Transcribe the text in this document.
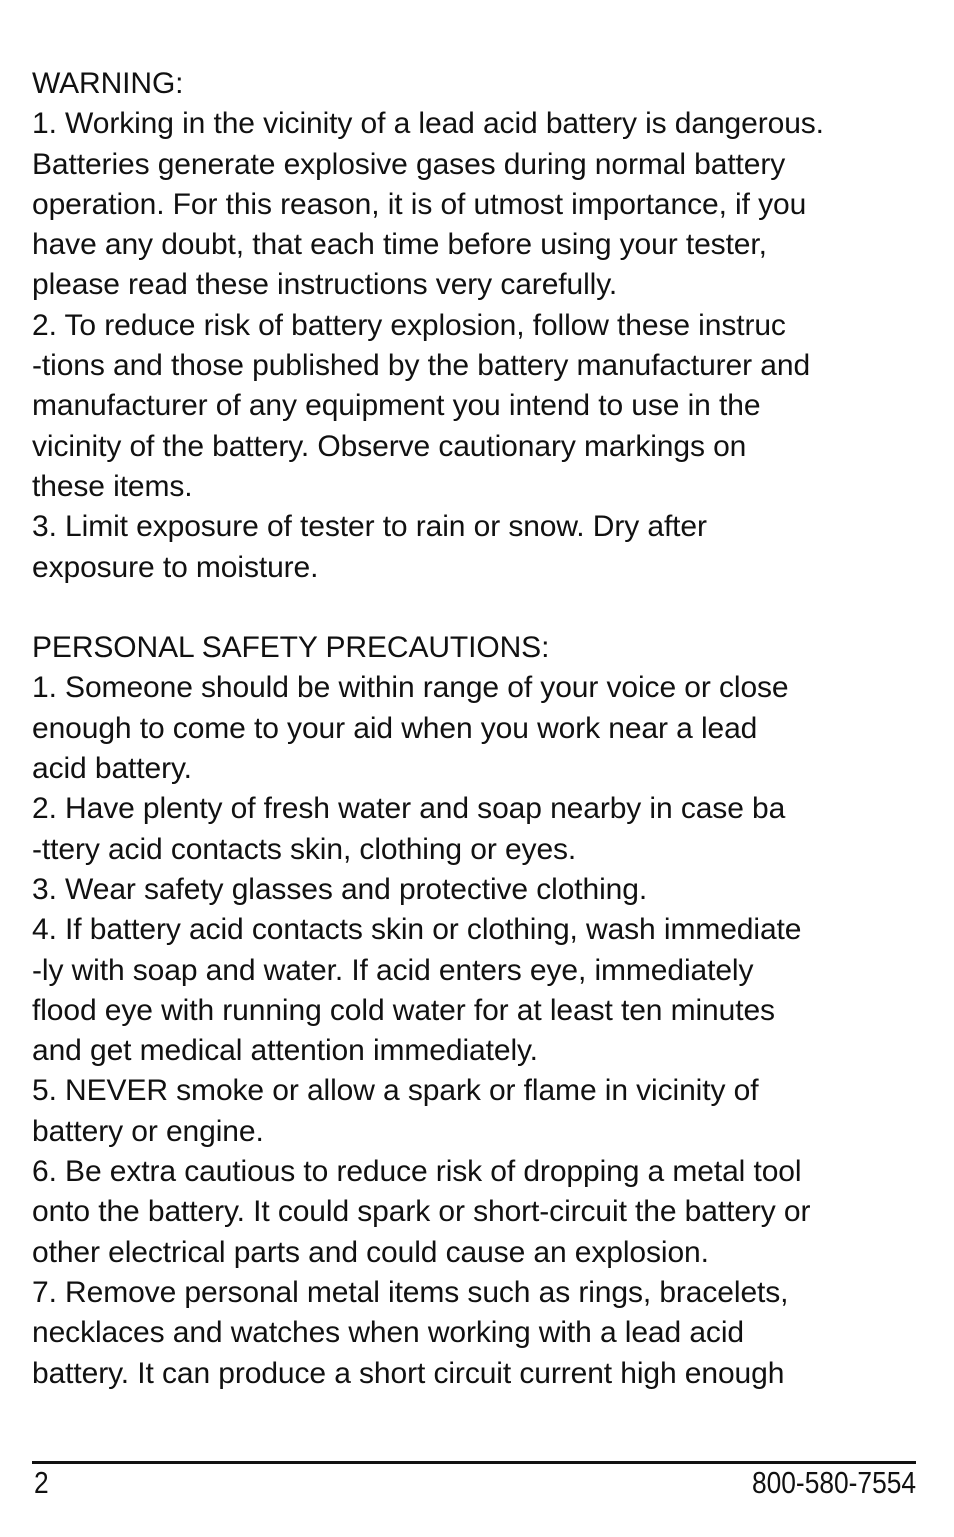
WARNING:
1. Working in the vicinity of a lead acid battery is dangerous.
Batteries generate explosive gases during normal battery
operation. For this reason, it is of utmost importance, if you
have any doubt, that each time before using your tester,
please read these instructions very carefully.
2. To reduce risk of battery explosion, follow these instruc
-tions and those published by the battery manufacturer and
manufacturer of any equipment you intend to use in the
vicinity of the battery. Observe cautionary markings on
these items.
3. Limit exposure of tester to rain or snow. Dry after
exposure to moisture.
PERSONAL SAFETY PRECAUTIONS:
1. Someone should be within range of your voice or close
enough to come to your aid when you work near a lead
acid battery.
2. Have plenty of fresh water and soap nearby in case ba
-ttery acid contacts skin, clothing or eyes.
3. Wear safety glasses and protective clothing.
4. If battery acid contacts skin or clothing, wash immediate
-ly with soap and water. If acid enters eye, immediately
flood eye with running cold water for at least ten minutes
and get medical attention immediately.
5. NEVER smoke or allow a spark or flame in vicinity of
battery or engine.
6. Be extra cautious to reduce risk of dropping a metal tool
onto the battery. It could spark or short-circuit the battery or
other electrical parts and could cause an explosion.
7. Remove personal metal items such as rings, bracelets,
necklaces and watches when working with a lead acid
battery. It can produce a short circuit current high enough
2	800-580-7554
